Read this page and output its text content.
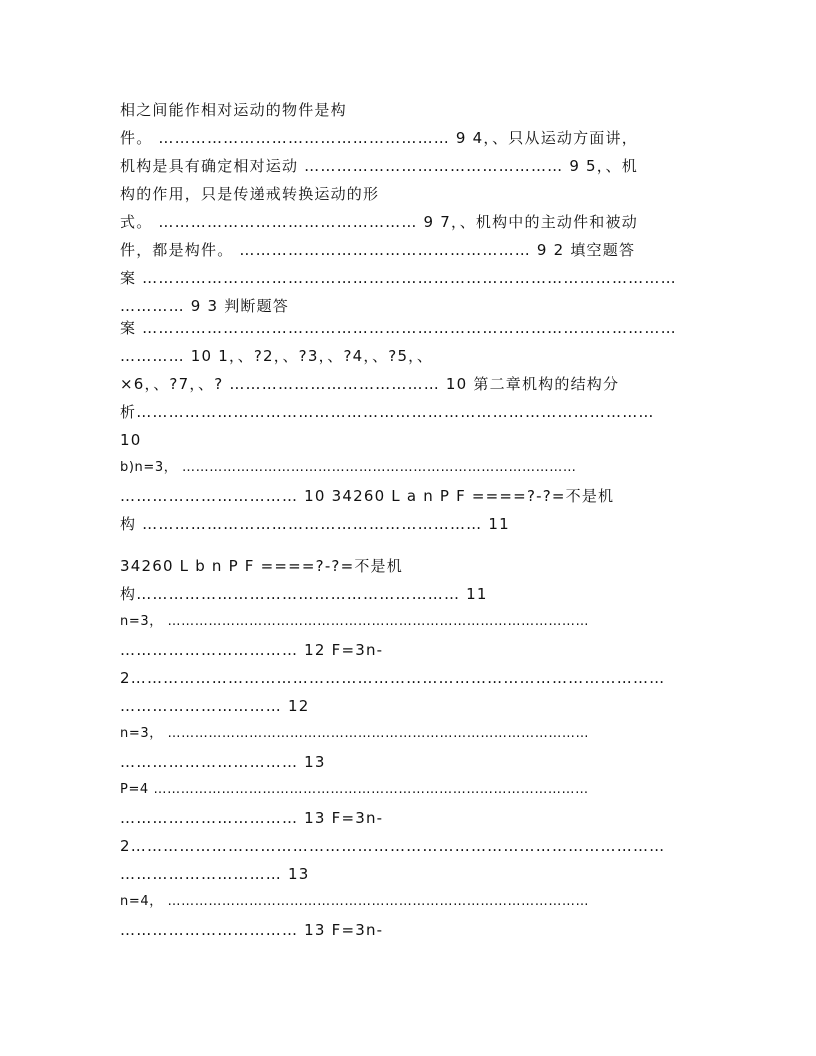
相之间能作相对运动的物件是构
件。 ……………………………………………… 9 4，、只从运动方面讲，
机构是具有确定相对运动 ………………………………………… 9 5，、机
构的作用，只是传递戒转换运动的形
式。 ………………………………………… 9 7，、机构中的主动件和被动
件，都是构件。 ……………………………………………… 9 2 填空题答
案 ………………………………………………………………………………………
………… 9 3 判断题答
案 ………………………………………………………………………………………
………… 10 1，、?2，、?3，、?4，、?5，、
×6，、?7，、? ………………………………… 10 第二章机构的结构分
析……………………………………………………………………………………
10
b)n=3， ……………………………………………………………………………
…………………………… 10 34260 L a n P F ====?-?=不是机
构 ……………………………………………………… 11
34260 L b n P F ====?-?=不是机
构…………………………………………………… 11
n=3， …………………………………………………………………………………
…………………………… 12 F=3n-
2………………………………………………………………………………………
………………………… 12
n=3， …………………………………………………………………………………
…………………………… 13
P=4 ……………………………………………………………………………………
…………………………… 13 F=3n-
2………………………………………………………………………………………
………………………… 13
n=4， …………………………………………………………………………………
…………………………… 13 F=3n-
